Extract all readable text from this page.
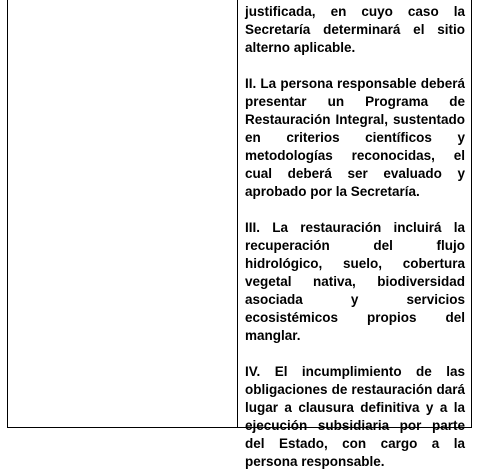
justificada, en cuyo caso la Secretaría determinará el sitio alterno aplicable.

II. La persona responsable deberá presentar un Programa de Restauración Integral, sustentado en criterios científicos y metodologías reconocidas, el cual deberá ser evaluado y aprobado por la Secretaría.

III. La restauración incluirá la recuperación del flujo hidrológico, suelo, cobertura vegetal nativa, biodiversidad asociada y servicios ecosistémicos propios del manglar.

IV. El incumplimiento de las obligaciones de restauración dará lugar a clausura definitiva y a la ejecución subsidiaria por parte del Estado, con cargo a la persona responsable.
